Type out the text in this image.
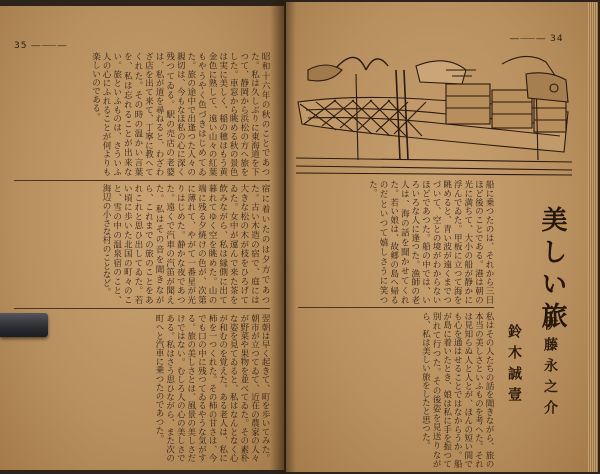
35 ―⸺―
―⸺― 34
昭和十六年の秋のことであつた。私は久しぶりに東海道を下つて、静岡から浜松の方へ旅をした。車窓から眺める秋の景色は実に美しく、稲の穂はもう黄金色に熟して、遠い山々の紅葉もやうやく色づきはじめてゐた。旅の途中で出逢つた人々の親切は、今もなほ私の心に深く残つてゐる。駅の売店の老婆は、私が道を尋ねると、わざわざ店を出て来て、丁寧に教へてくれた。その時の温かい言葉を、私は忘れることが出来ない。旅といふものは、さういふ人の心にふれることが何よりも楽しいのである。
宿に着いたのは夕方であつた。古い木造の宿で、庭には大きな松の木が枝をひろげてゐた。女中が運んで来た茶を飲みながら、私は縁側に出て暮れてゆく空を眺めた。山の端に残る夕焼けの色が、次第に薄れて、やがて一番星が光りはじめた。静かな夜であつた。遠くで汽車の汽笛が聞えた。私はその音を聞きながら、これまでの旅のことをあれこれと思ひ出してゐた。若い頃に歩いた北国の町々のこと、雪の中の温泉宿のこと、海辺の小さな村のことなど。
翌朝は早く起きて、町を歩いてみた。朝市が立つてゐて、近在の農家の人々が野菜や果物を並べてゐた。その素朴な姿を見てゐると、私はなんとなく心が和むのを覚えた。ある老人は、私に柿を一つくれた。その柿の甘さは、今でも口の中に残つてゐるやうな気がする。旅の美しさとは、風景の美しさだけではない。むしろ人の心の美しさである。私はさう思ひながら、また次の町へと汽車に乗つたのであつた。
船に乗つたのは、それから三日ほど後のことである。港は朝の光に満ちて、大小の船が静かに浮んでゐた。甲板に立つて海を眺めると、青い波が遠くまでつづいて、空との境がわからないほどであつた。船の中では、いろいろな人に逢つた。漁師の老人は、海の話を聞かせてくれた。若い娘は、故郷の島へ帰るのだといつて嬉しさうに笑つた。
私はその人たちの話を聞きながら、旅の本当の美しさといふものを考へた。それは見知らぬ人と人とが、ほんの短い間でも心を通はせることではなからうか。船が島に着いたとき、娘は私に手を振つて別れて行つた。その後姿を見送りながら、私は美しい旅をしたと思つた。
美しい旅
伊藤永之介
鈴木誠壹
